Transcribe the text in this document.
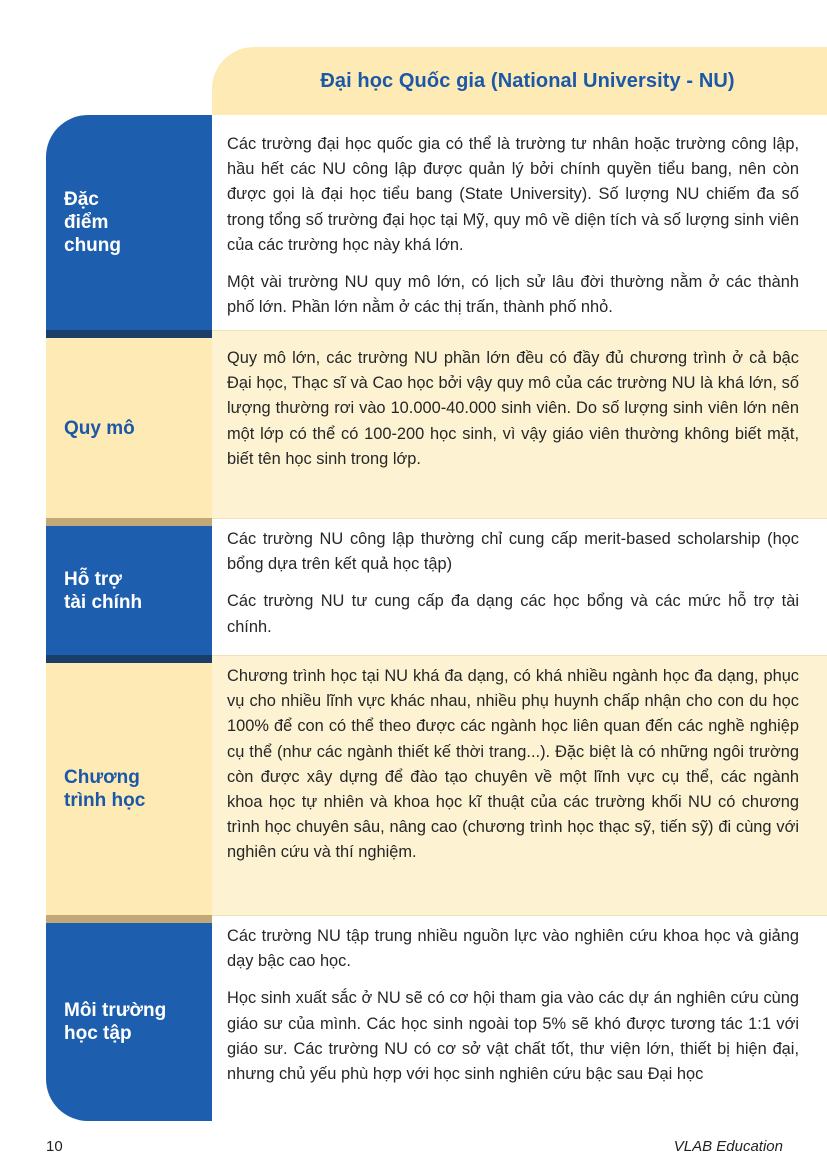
Đại học Quốc gia (National University - NU)
Đặc
điểm
chung

Các trường đại học quốc gia có thể là trường tư nhân hoặc trường công lập, hầu hết các NU công lập được quản lý bởi chính quyền tiểu bang, nên còn được gọi là đại học tiểu bang (State University). Số lượng NU chiếm đa số trong tổng số trường đại học tại Mỹ, quy mô về diện tích và số lượng sinh viên của các trường học này khá lớn.

Một vài trường NU quy mô lớn, có lịch sử lâu đời thường nằm ở các thành phố lớn. Phần lớn nằm ở các thị trấn, thành phố nhỏ.

Quy mô

Quy mô lớn, các trường NU phần lớn đều có đầy đủ chương trình ở cả bậc Đại học, Thạc sĩ và Cao học bởi vậy quy mô của các trường NU là khá lớn, số lượng thường rơi vào 10.000-40.000 sinh viên. Do số lượng sinh viên lớn nên một lớp có thể có 100-200 học sinh, vì vậy giáo viên thường không biết mặt, biết tên học sinh trong lớp.

Hỗ trợ
tài chính

Các trường NU công lập thường chỉ cung cấp merit-based scholarship (học bổng dựa trên kết quả học tập)

Các trường NU tư cung cấp đa dạng các học bổng và các mức hỗ trợ tài chính.

Chương
trình học

Chương trình học tại NU khá đa dạng, có khá nhiều ngành học đa dạng, phục vụ cho nhiều lĩnh vực khác nhau, nhiều phụ huynh chấp nhận cho con du học 100% để con có thể theo được các ngành học liên quan đến các nghề nghiệp cụ thể (như các ngành thiết kế thời trang...). Đặc biệt là có những ngôi trường còn được xây dựng để đào tạo chuyên về một lĩnh vực cụ thể, các ngành khoa học tự nhiên và khoa học kĩ thuật của các trường khối NU có chương trình học chuyên sâu, nâng cao (chương trình học thạc sỹ, tiến sỹ) đi cùng với nghiên cứu và thí nghiệm.

Môi trường
học tập

Các trường NU tập trung nhiều nguồn lực vào nghiên cứu khoa học và giảng dạy bậc cao học.

Học sinh xuất sắc ở NU sẽ có cơ hội tham gia vào các dự án nghiên cứu cùng giáo sư của mình. Các học sinh ngoài top 5% sẽ khó được tương tác 1:1 với giáo sư. Các trường NU có cơ sở vật chất tốt, thư viện lớn, thiết bị hiện đại, nhưng chủ yếu phù hợp với học sinh nghiên cứu bậc sau Đại học

10	VLAB Education
